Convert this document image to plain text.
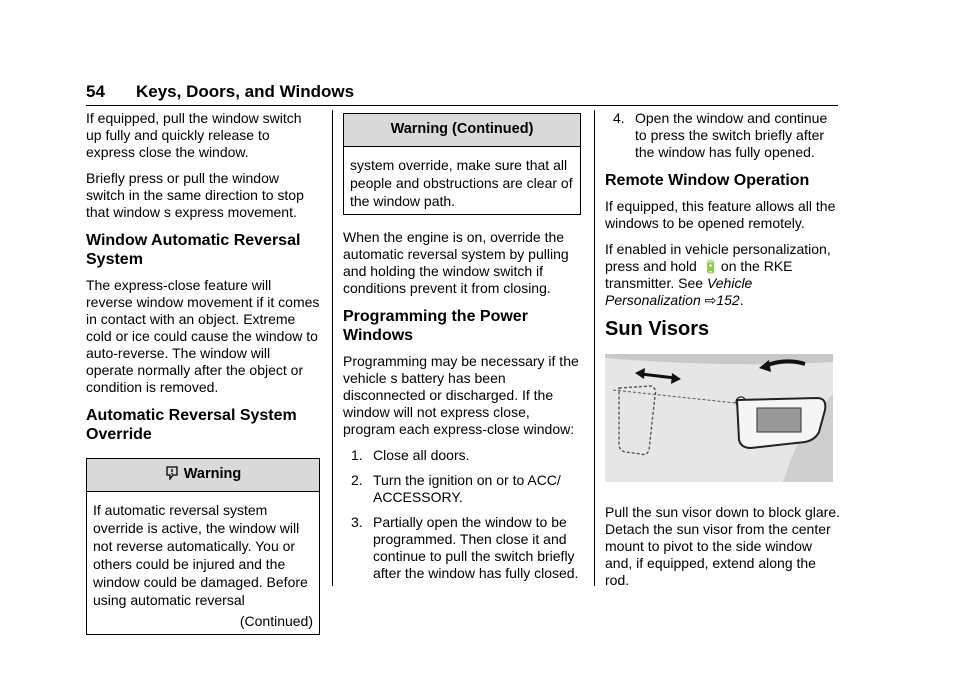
54 Keys, Doors, and Windows

If equipped, pull the window switch up fully and quickly release to express close the window.

Briefly press or pull the window switch in the same direction to stop that window s express movement.

Window Automatic Reversal System

The express-close feature will reverse window movement if it comes in contact with an object. Extreme cold or ice could cause the window to auto-reverse. The window will operate normally after the object or condition is removed.

Automatic Reversal System Override
Warning
If automatic reversal system override is active, the window will not reverse automatically. You or others could be injured and the window could be damaged. Before using automatic reversal
(Continued)
Warning (Continued)
system override, make sure that all people and obstructions are clear of the window path.

When the engine is on, override the automatic reversal system by pulling and holding the window switch if conditions prevent it from closing.

Programming the Power Windows

Programming may be necessary if the vehicle s battery has been disconnected or discharged. If the window will not express close, program each express-close window:

1. Close all doors.
2. Turn the ignition on or to ACC/ ACCESSORY.
3. Partially open the window to be programmed. Then close it and continue to pull the switch briefly after the window has fully closed.
4. Open the window and continue to press the switch briefly after the window has fully opened.
Remote Window Operation

If equipped, this feature allows all the windows to be opened remotely.

If enabled in vehicle personalization, press and hold 🔋 on the RKE transmitter. See Vehicle Personalization ⇨152.

Sun Visors

Pull the sun visor down to block glare. Detach the sun visor from the center mount to pivot to the side window and, if equipped, extend along the rod.
